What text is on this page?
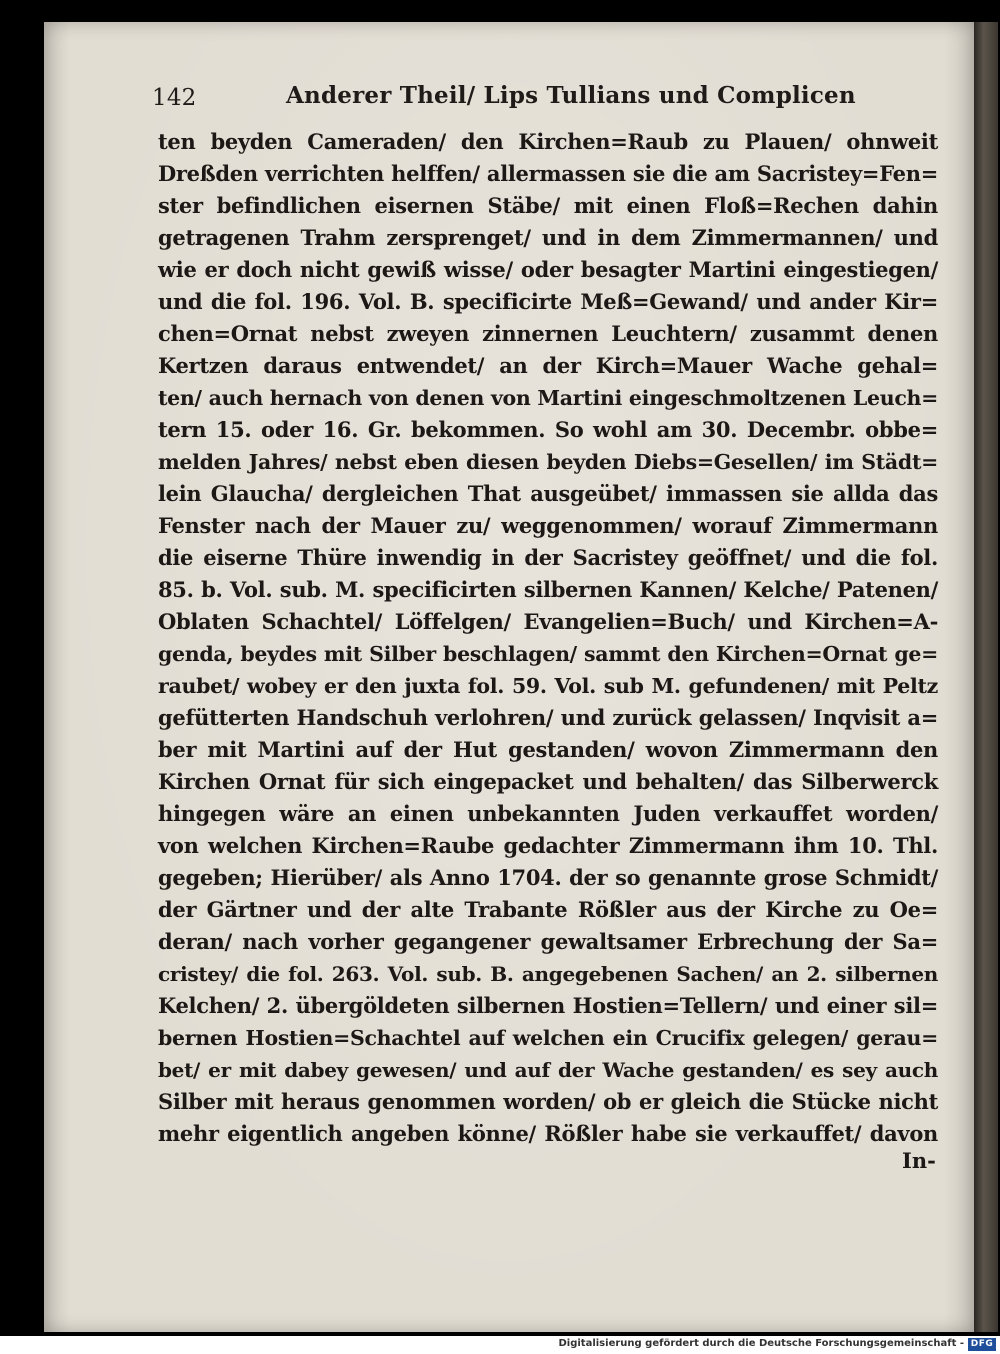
142	Anderer Theil/ Lips Tullians und Complicen
ten beyden Cameraden/ den Kirchen=Raub zu Plauen/ ohnweit
Dreßden verrichten helffen/ allermassen sie die am Sacristey=Fen=
ster befindlichen eisernen Stäbe/ mit einen Floß=Rechen dahin
getragenen Trahm zersprenget/ und in dem Zimmermannen/ und
wie er doch nicht gewiß wisse/ oder besagter Martini eingestiegen/
und die fol. 196. Vol. B. specificirte Meß=Gewand/ und ander Kir=
chen=Ornat nebst zweyen zinnernen Leuchtern/ zusammt denen
Kertzen daraus entwendet/ an der Kirch=Mauer Wache gehal=
ten/ auch hernach von denen von Martini eingeschmoltzenen Leuch=
tern 15. oder 16. Gr. bekommen. So wohl am 30. Decembr. obbe=
melden Jahres/ nebst eben diesen beyden Diebs=Gesellen/ im Städt=
lein Glaucha/ dergleichen That ausgeübet/ immassen sie allda das
Fenster nach der Mauer zu/ weggenommen/ worauf Zimmermann
die eiserne Thüre inwendig in der Sacristey geöffnet/ und die fol.
85. b. Vol. sub. M. specificirten silbernen Kannen/ Kelche/ Patenen/
Oblaten Schachtel/ Löffelgen/ Evangelien=Buch/ und Kirchen=A-
genda, beydes mit Silber beschlagen/ sammt den Kirchen=Ornat ge=
raubet/ wobey er den juxta fol. 59. Vol. sub M. gefundenen/ mit Peltz
gefütterten Handschuh verlohren/ und zurück gelassen/ Inqvisit a=
ber mit Martini auf der Hut gestanden/ wovon Zimmermann den
Kirchen Ornat für sich eingepacket und behalten/ das Silberwerck
hingegen wäre an einen unbekannten Juden verkauffet worden/
von welchen Kirchen=Raube gedachter Zimmermann ihm 10. Thl.
gegeben; Hierüber/ als Anno 1704. der so genannte grose Schmidt/
der Gärtner und der alte Trabante Rößler aus der Kirche zu Oe=
deran/ nach vorher gegangener gewaltsamer Erbrechung der Sa=
cristey/ die fol. 263. Vol. sub. B. angegebenen Sachen/ an 2. silbernen
Kelchen/ 2. übergöldeten silbernen Hostien=Tellern/ und einer sil=
bernen Hostien=Schachtel auf welchen ein Crucifix gelegen/ gerau=
bet/ er mit dabey gewesen/ und auf der Wache gestanden/ es sey auch
Silber mit heraus genommen worden/ ob er gleich die Stücke nicht
mehr eigentlich angeben könne/ Rößler habe sie verkauffet/ davon
In-
Digitalisierung gefördert durch die Deutsche Forschungsgemeinschaft - DFG
